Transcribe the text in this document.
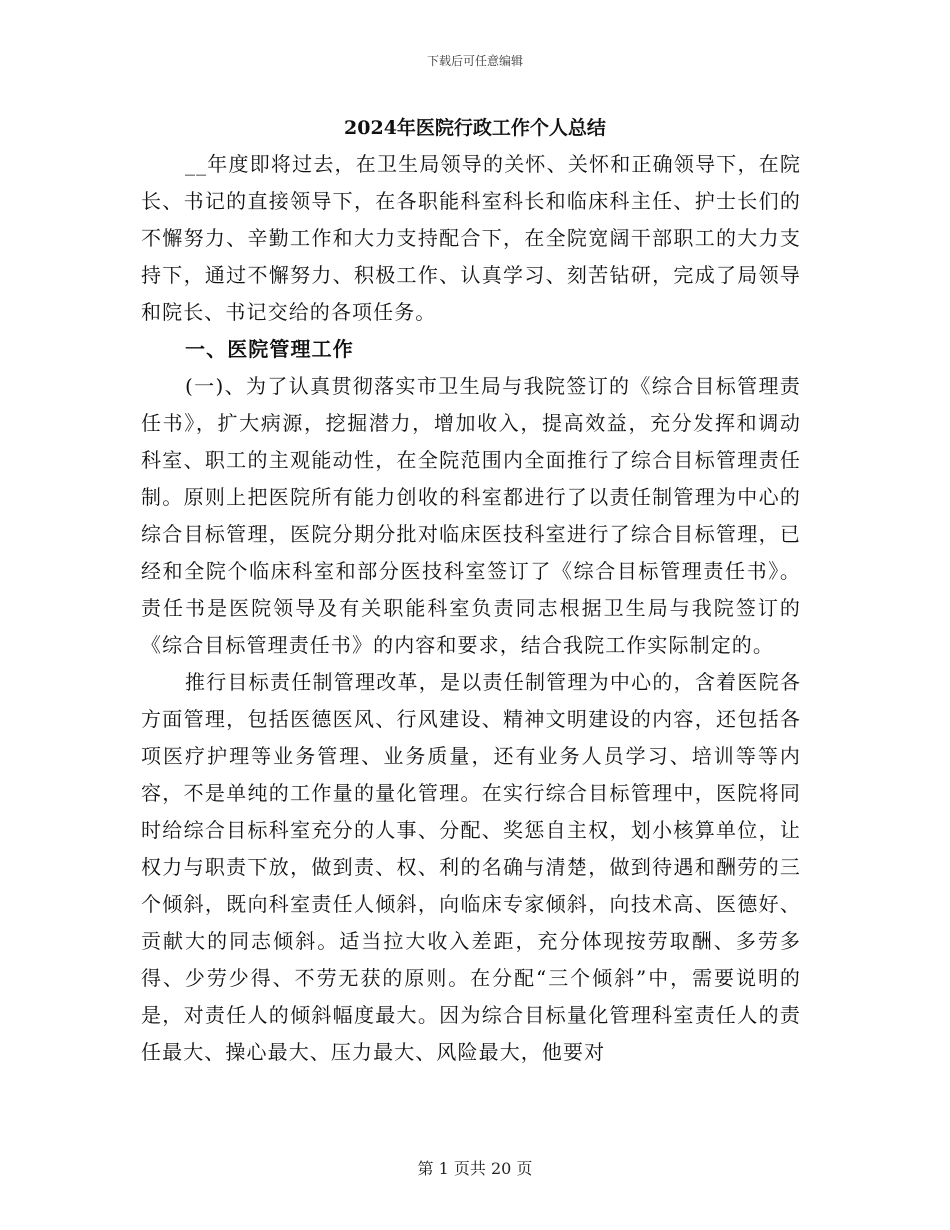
下载后可任意编辑
2024年医院行政工作个人总结

__年度即将过去，在卫生局领导的关怀、关怀和正确领导下，在院长、书记的直接领导下，在各职能科室科长和临床科主任、护士长们的不懈努力、辛勤工作和大力支持配合下，在全院宽阔干部职工的大力支持下，通过不懈努力、积极工作、认真学习、刻苦钻研，完成了局领导和院长、书记交给的各项任务。

一、医院管理工作

(一)、为了认真贯彻落实市卫生局与我院签订的《综合目标管理责任书》，扩大病源，挖掘潜力，增加收入，提高效益，充分发挥和调动科室、职工的主观能动性，在全院范围内全面推行了综合目标管理责任制。原则上把医院所有能力创收的科室都进行了以责任制管理为中心的综合目标管理，医院分期分批对临床医技科室进行了综合目标管理，已经和全院个临床科室和部分医技科室签订了《综合目标管理责任书》。责任书是医院领导及有关职能科室负责同志根据卫生局与我院签订的《综合目标管理责任书》的内容和要求，结合我院工作实际制定的。

推行目标责任制管理改革，是以责任制管理为中心的，含着医院各方面管理，包括医德医风、行风建设、精神文明建设的内容，还包括各项医疗护理等业务管理、业务质量，还有业务人员学习、培训等等内容，不是单纯的工作量的量化管理。在实行综合目标管理中，医院将同时给综合目标科室充分的人事、分配、奖惩自主权，划小核算单位，让权力与职责下放，做到责、权、利的名确与清楚，做到待遇和酬劳的三个倾斜，既向科室责任人倾斜，向临床专家倾斜，向技术高、医德好、贡献大的同志倾斜。适当拉大收入差距，充分体现按劳取酬、多劳多得、少劳少得、不劳无获的原则。在分配“三个倾斜”中，需要说明的是，对责任人的倾斜幅度最大。因为综合目标量化管理科室责任人的责任最大、操心最大、压力最大、风险最大，他要对

第 1 页共 20 页
